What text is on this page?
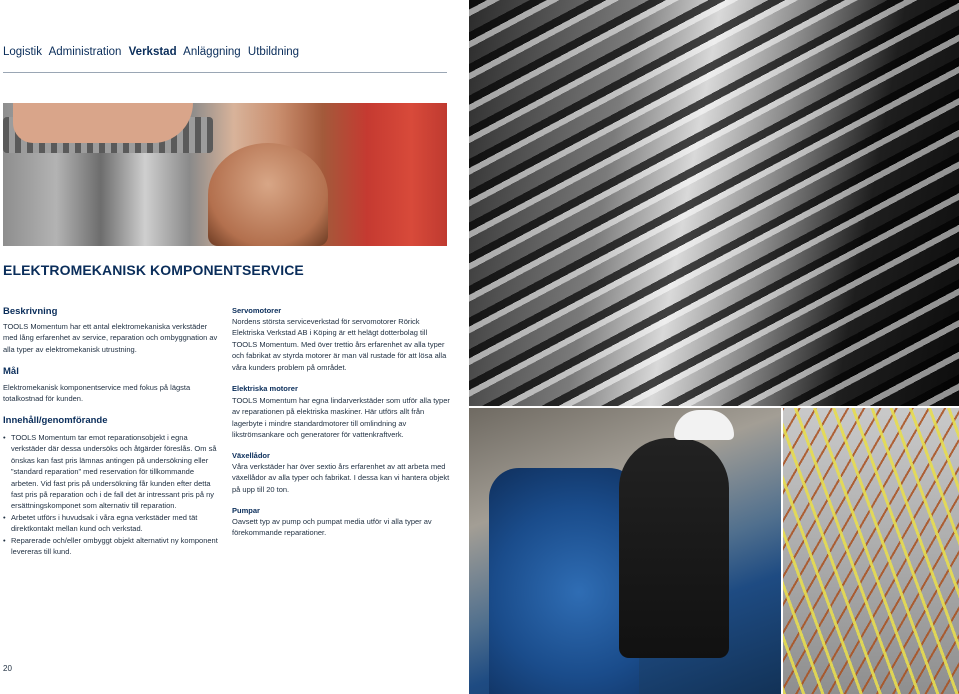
Logistik Administration Verkstad Anläggning Utbildning
ELEKTROMEKANISK KOMPONENTSERVICE
Beskrivning
TOOLS Momentum har ett antal elektromekaniska verkstäder med lång erfarenhet av service, reparation och ombyggnation av alla typer av elektromekanisk utrustning.
Mål
Elektromekanisk komponentservice med fokus på lägsta totalkostnad för kunden.
Innehåll/genomförande
• TOOLS Momentum tar emot reparationsobjekt i egna verkstäder där dessa undersöks och åtgärder föreslås. Om så önskas kan fast pris lämnas antingen på undersökning eller ”standard reparation” med reservation för tillkommande arbeten. Vid fast pris på undersökning får kunden efter detta fast pris på reparation och i de fall det är intressant pris på ny ersättningskomponet som alternativ till reparation.
• Arbetet utförs i huvudsak i våra egna verkstäder med tät direktkontakt mellan kund och verkstad.
• Reparerade och/eller ombyggt objekt alternativt ny komponent levereras till kund.
Servomotorer
Nordens största serviceverkstad för servomotorer Rörick Elektriska Verkstad AB i Köping är ett helägt dotterbolag till TOOLS Momentum. Med över trettio års erfarenhet av alla typer och fabrikat av styrda motorer är man väl rustade för att lösa alla våra kunders problem på området.
Elektriska motorer
TOOLS Momentum har egna lindarverkstäder som utför alla typer av reparationen på elektriska maskiner. Här utförs allt från lagerbyte i mindre standardmotorer till omlindning av likströmsankare och generatorer för vattenkraftverk.
Växellådor
Våra verkstäder har över sextio års erfarenhet av att arbeta med växellådor av alla typer och fabrikat. I dessa kan vi hantera objekt på upp till 20 ton.
Pumpar
Oavsett typ av pump och pumpat media utför vi alla typer av förekommande reparationer.
20
